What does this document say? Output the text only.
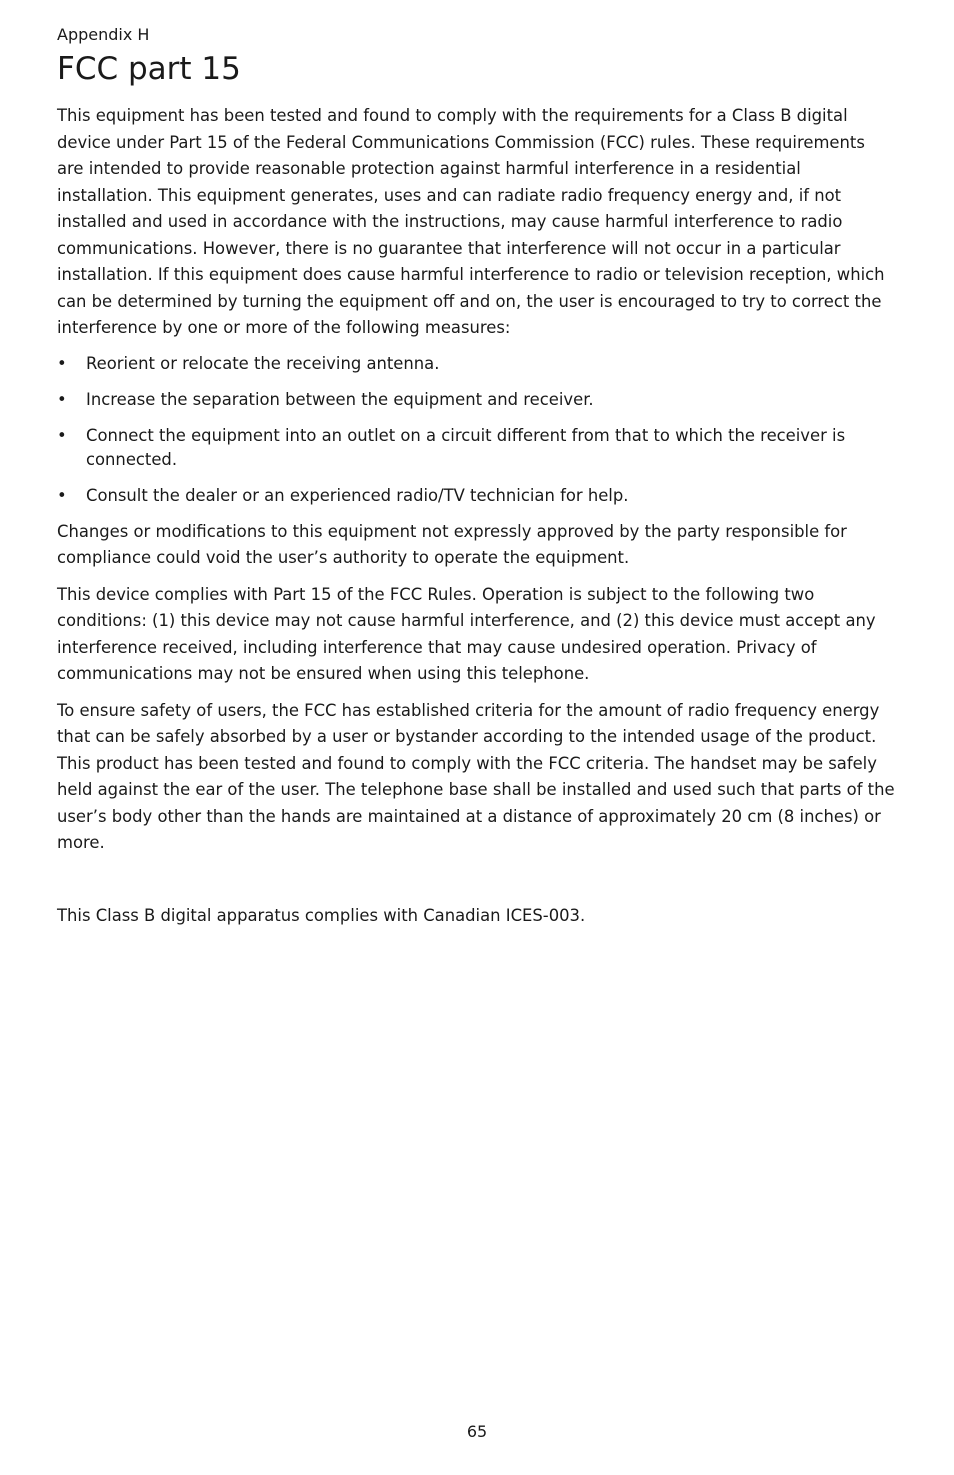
Appendix H
FCC part 15

This equipment has been tested and found to comply with the requirements for a Class B digital device under Part 15 of the Federal Communications Commission (FCC) rules. These requirements are intended to provide reasonable protection against harmful interference in a residential installation. This equipment generates, uses and can radiate radio frequency energy and, if not installed and used in accordance with the instructions, may cause harmful interference to radio communications. However, there is no guarantee that interference will not occur in a particular installation. If this equipment does cause harmful interference to radio or television reception, which can be determined by turning the equipment off and on, the user is encouraged to try to correct the interference by one or more of the following measures:

• Reorient or relocate the receiving antenna.
• Increase the separation between the equipment and receiver.
• Connect the equipment into an outlet on a circuit different from that to which the receiver is connected.
• Consult the dealer or an experienced radio/TV technician for help.

Changes or modifications to this equipment not expressly approved by the party responsible for compliance could void the user’s authority to operate the equipment.

This device complies with Part 15 of the FCC Rules. Operation is subject to the following two conditions: (1) this device may not cause harmful interference, and (2) this device must accept any interference received, including interference that may cause undesired operation. Privacy of communications may not be ensured when using this telephone.

To ensure safety of users, the FCC has established criteria for the amount of radio frequency energy that can be safely absorbed by a user or bystander according to the intended usage of the product. This product has been tested and found to comply with the FCC criteria. The handset may be safely held against the ear of the user. The telephone base shall be installed and used such that parts of the user’s body other than the hands are maintained at a distance of approximately 20 cm (8 inches) or more.

This Class B digital apparatus complies with Canadian ICES-003.

65
